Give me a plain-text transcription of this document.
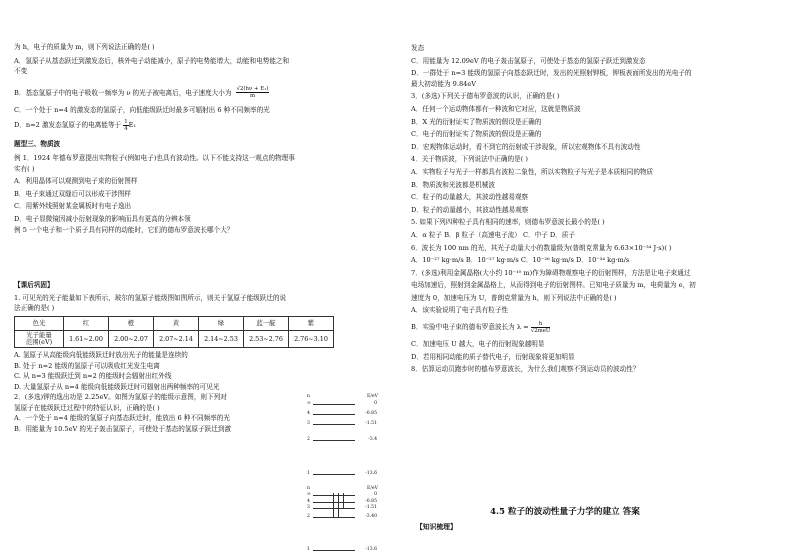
为 h，电子的质量为 m，则下列说法正确的是( )
A．氢原子从基态跃迁到激发态后，核外电子动能减小，原子的电势能增大，动能和电势能之和
不变
B．基态氢原子中的电子吸收一频率为 ν 的光子被电离后，电子速度大小为 $\frac{\text{√2(hν + E₁)}}{m}$
C．一个处于 n=4 的激发态的氢原子，向低能级跃迁时最多可辐射出 6 种不同频率的光
D．n=2 激发态氢原子的电离能等于 $\frac{1}{4} E_1$
题型三、物质波
例 1．1924 年德布罗意提出实物粒子(例如电子)也具有波动性。以下不能支持这一观点的物理事
实有( )
A．利用晶体可以观测到电子束的衍射图样
B．电子束通过双缝后可以形成干涉图样
C．用紫外线照射某金属板时有电子逸出
D．电子显微镜因减小衍射现象的影响而具有更高的分辨本领
例 5 一个电子和一个质子具有同样的动能时，它们的德布罗意波长哪个大？
【课后巩固】
1. 可见光的光子能量如下表所示，玻尔的氢原子能级图如图所示，则关于氢原子能级跃迁的说
法正确的是( )
色光	红	橙	黄	绿	蓝一靛	紫
光子能量
范围(eV)	1.61~2.00	2.00~2.07	2.07~2.14	2.14~2.53	2.53~2.76	2.76~3.10
A. 氢原子从高能级向低能级跃迁时放出光子的能量是连续的
B. 处于 n=2 能级的氢原子可以吸收红光发生电离
C. 从 n=3 能级跃迁到 n=2 的能级时会辐射出红外线
D. 大量氢原子从 n=4 能级向低能级跃迁时可辐射出两种频率的可见光
2．(多选)钾的逸出功是 2.25eV。如图为氢原子的能级示意图，则下列对
氢原子在能级跃迁过程中的特征认识，正确的是( )
A．一个处于 n=4 能级的氢原子向基态跃迁时，能放出 6 种不同频率的光
B．用能量为 10.5eV 的光子轰击氢原子，可使处于基态的氢原子跃迁到激
n	E/eV
∞	0
4	-0.85
3	-1.51
2	-3.4
1	-13.6
n	E/eV
∞	0
4	-0.85
3	-1.51
2	-3.40
1	-13.6
发态
C．用能量为 12.09eV 的电子轰击氢原子，可使处于基态的氢原子跃迁到激发态
D．一群处于 n=3 能级的氢原子向基态跃迁时，发出的光照射钾板，钾板表面所发出的光电子的
最大初动能为 9.84eV
3．(多选)下列关于德布罗意波的认识，正确的是( )
A．任何一个运动物体都有一种波和它对应，这就是物质波
B．X 光的衍射证实了物质波的假设是正确的
C．电子的衍射证实了物质波的假设是正确的
D．宏观物体运动时，看不到它的衍射或干涉现象，所以宏观物体不具有波动性
4．关于物质波，下列说法中正确的是( )
A．实物粒子与光子一样都具有波粒二象性，所以实物粒子与光子是本质相同的物质
B．物质波和光波都是机械波
C．粒子的动量越大，其波动性越易观察
D．粒子的动量越小，其波动性越易观察
5. 如果下列四种粒子具有相同的速率，则德布罗意波长最小的是( )
A．α 粒子 B．β 粒子（高速电子流） C．中子 D．质子
6．波长为 100 nm 的光，其光子动量大小的数量级为(普朗克常量为 6.63×10⁻³⁴ J·s)( )
A．10⁻²⁷ kg·m/s B．10⁻²⁷ kg·m/s C．10⁻²⁶ kg·m/s D．10⁻³⁴ kg·m/s
7．(多选)利用金属晶格(大小约 10⁻¹⁰ m)作为障碍物观察电子的衍射图样，方法是让电子束通过
电场加速后，照射到金属晶格上，从而得到电子的衍射图样。已知电子质量为 m，电荷量为 e，初
速度为 0，加速电压为 U，普朗克常量为 h，则下列说法中正确的是( )
A．该实验说明了电子具有粒子性
B．实验中电子束的德布罗意波长为 $\lambda = \frac{h}{\text{√2meU}}$
C．加速电压 U 越大，电子的衍射现象越明显
D．若用相同动能的质子替代电子，衍射现象将更加明显
8．估算运动员跑步时的德布罗意波长，为什么我们观察不到运动员的波动性？
4.5 粒子的波动性量子力学的建立 答案
【知识梳理】
